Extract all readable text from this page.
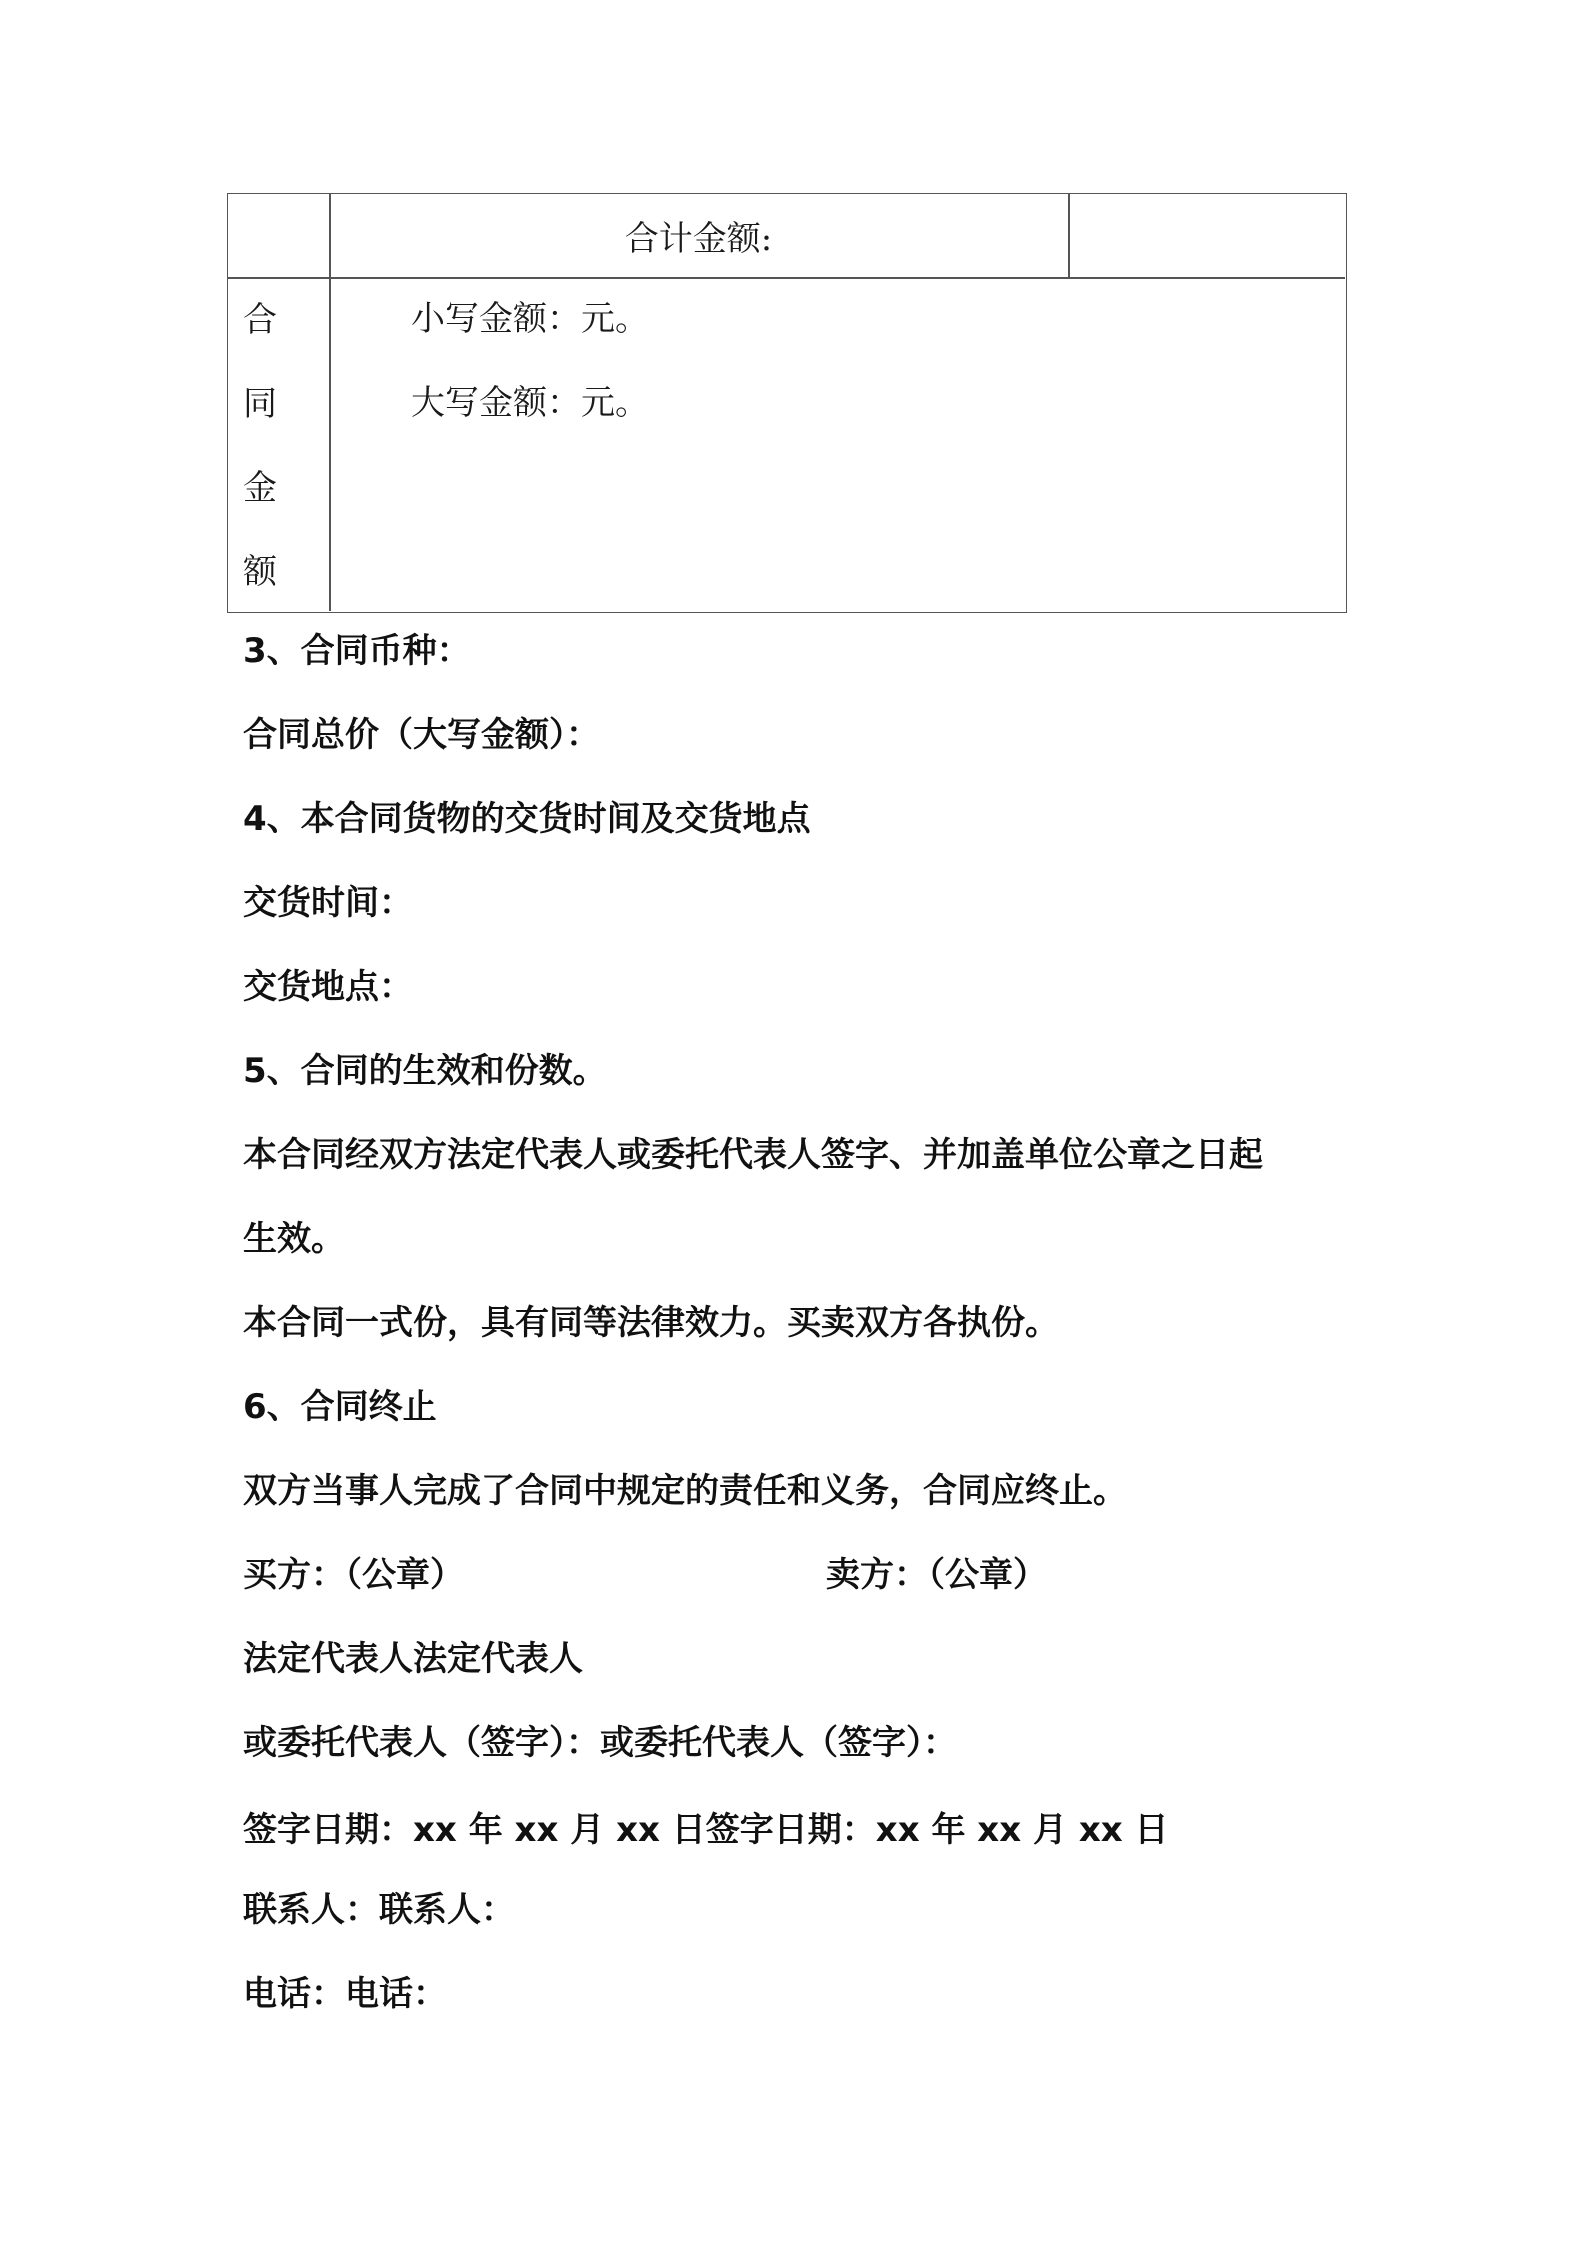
合计金额:
合
同
金
额
小写金额：元。
大写金额：元。
3、合同币种：
合同总价（大写金额）：
4、本合同货物的交货时间及交货地点
交货时间：
交货地点：
5、合同的生效和份数。
本合同经双方法定代表人或委托代表人签字、并加盖单位公章之日起
生效。
本合同一式份，具有同等法律效力。买卖双方各执份。
6、合同终止
双方当事人完成了合同中规定的责任和义务，合同应终止。
买方：（公章）	卖方：（公章）
法定代表人法定代表人
或委托代表人（签字）：或委托代表人（签字）：
签字日期：xx 年 xx 月 xx 日签字日期：xx 年 xx 月 xx 日
联系人：联系人：
电话：电话：
